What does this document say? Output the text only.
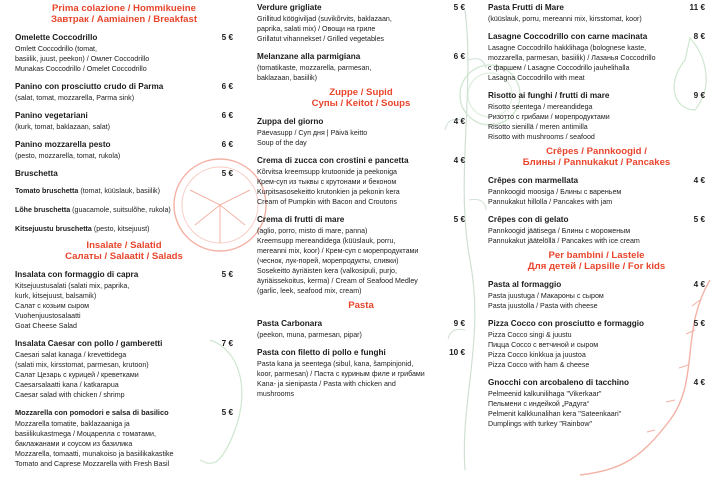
Prima colazione / Hommikueine
Завтрак / Aamiainen / Breakfast
Omelette Coccodrillo	5 €
Omlett Coccodrillo (tomat,
basiilik, juust, peekon) / Омлет Coccodrillo
Munakas Coccodrillo / Omelet Coccodrillo
Panino con prosciutto crudo di Parma	6 €
(salat, tomat, mozzarella, Parma sink)
Panino vegetariani	6 €
(kurk, tomat, baklazaan, salat)
Panino mozzarella pesto	6 €
(pesto, mozzarella, tomat, rukola)
Bruschetta	5 €
Tomato bruschetta (tomat, küüslauk, basiilik)
Lõhe bruschetta (guacamole, suitsulõhe, rukola)
Kitsejuustu bruschetta (pesto, kitsejuust)
Insalate / Salatid
Салаты / Salaatit / Salads
Insalata con formaggio di capra	5 €
Kitsejuustusalati (salati mix, paprika,
kurk, kitsejuust, balsamik)
Салат с козьим сыром
Vuohenjuustosalaatti
Goat Cheese Salad
Insalata Caesar con pollo / gamberetti	7 €
Caesari salat kanaga / krevettidega
(salati mix, kirsstomat, parmesan, krutoon)
Салат Цезарь с курицей / креветками
Caesarsalaatti kana / katkarapua
Caesar salad with chicken / shrimp
Mozzarella con pomodori e salsa di basilico	5 €
Mozzarella tomatite, baklazaaniga ja
basiilikukastmega / Моцарелла с томатами,
баклажанами и соусом из базилика
Mozzarella, tomaatti, munakoiso ja basiilikakastike
Tomato and Caprese Mozzarella with Fresh Basil
Verdure grigliate	5 €
Grillitud köögiviljad (suvikõrvits, baklazaan,
paprika, salati mix) / Овощи на гриле
Grillatut vihannekset / Grilled vegetables
Melanzane alla parmigiana	6 €
(tomatikaste, mozzarella, parmesan,
baklazaan, basiilik)
Zuppe / Supid
Супы / Keitot / Soups
Zuppa del giorno	4 €
Päevasupp / Суп дня | Päivä keitto
Soup of the day
Crema di zucca con crostini e pancetta	4 €
Kõrvitsa kreemsupp krutoonide ja peekoniga
Крем-суп из тыквы с крутонами и беконом
Kurpitsasosekeitto krutonkien ja pekonin kera
Cream of Pumpkin with Bacon and Croutons
Crema di frutti di mare	5 €
(aglio, porro, misto di mare, panna)
Kreemsupp mereandidega (küüslauk, porru,
mereanni mix, koor) / Крем-суп с морепродуктами
(чеснок, лук-порей, морепродукты, сливки)
Sosekeitto äyriäisten kera (valkosipuli, purjo,
äyriäissekoitus, kerma) / Cream of Seafood Medley
(garlic, leek, seafood mix, cream)
Pasta
Pasta Carbonara	9 €
(peekon, muna, parmesan, pipar)
Pasta con filetto di pollo e funghi	10 €
Pasta kana ja seentega (sibul, kana, šampinjonid,
koor, parmesan) / Паста с куриным филе и грибами
Kana- ja sienipasta / Pasta with chicken and
mushrooms
Pasta Frutti di Mare	11 €
(küüslauk, porru, mereanni mix, kirsstomat, koor)
Lasagne Coccodrillo con carne macinata	8 €
Lasagne Coccodrillo hakklihaga (bolognese kaste,
mozzarella, parmesan, basiilik) / Лазанья Coccodrillo
с фаршем / Lasagne Coccodrillo jauhelihalla
Lasagna Coccodrillo with meat
Risotto ai funghi / frutti di mare	9 €
Risotto seentega / mereandidega
Ризотто с грибами / морепродуктами
Risotto sienillä / meren antimilla
Risotto with mushrooms / seafood
Crêpes / Pannkoogid /
Блины / Pannukakut / Pancakes
Crêpes con marmellata	4 €
Pannkoogid moosiga / Блины с вареньем
Pannukakut hillolla / Pancakes with jam
Crêpes con di gelato	5 €
Pannkoogid jäätisega / Блины с мороженым
Pannukakut jäätelöllä / Pancakes with ice cream
Per bambini / Lastele
Для детей / Lapsille / For kids
Pasta al formaggio	4 €
Pasta juustuga / Макароны с сыром
Pasta juustolla / Pasta with cheese
Pizza Cocco con prosciutto e formaggio	5 €
Pizza Cocco singi & juustu
Пицца Cocco с ветчиной и сыром
Pizza Cocco kinkkua ja juustoa
Pizza Cocco with ham & cheese
Gnocchi con arcobaleno di tacchino	4 €
Pelmeenid kalkunilihaga "Vikerkaar"
Пельмени с индейкой „Радуга“
Pelmenit kalkkunalihan kera "Sateenkaari"
Dumplings with turkey "Rainbow"
